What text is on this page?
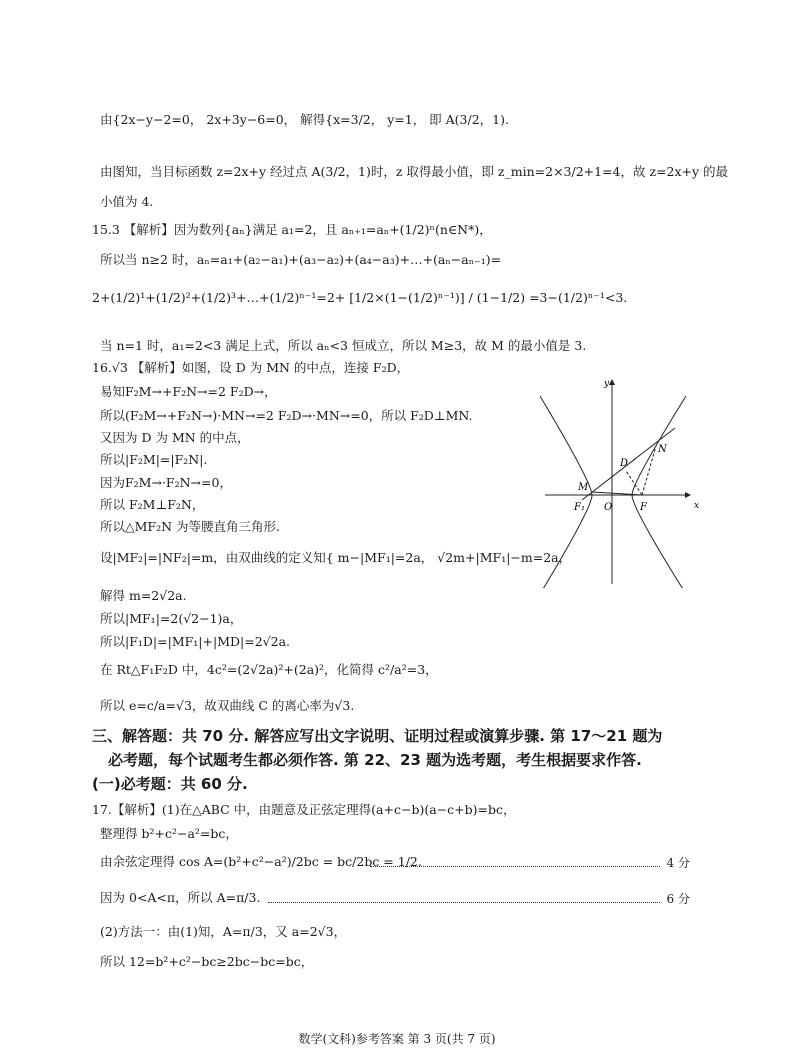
由{2x−y−2=0， 2x+3y−6=0， 解得{x=3/2， y=1， 即 A(3/2，1).
由图知，当目标函数 z=2x+y 经过点 A(3/2，1)时，z 取得最小值，即 z_min=2×3/2+1=4，故 z=2x+y 的最
小值为 4.
15.3 【解析】因为数列{aₙ}满足 a₁=2，且 aₙ₊₁=aₙ+(1/2)ⁿ(n∈N*)，
所以当 n≥2 时，aₙ=a₁+(a₂−a₁)+(a₃−a₂)+(a₄−a₃)+…+(aₙ−aₙ₋₁)=
2+(1/2)¹+(1/2)²+(1/2)³+…+(1/2)ⁿ⁻¹=2+ [1/2×(1−(1/2)ⁿ⁻¹)] / (1−1/2) =3−(1/2)ⁿ⁻¹<3.
当 n=1 时，a₁=2<3 满足上式，所以 aₙ<3 恒成立，所以 M≥3，故 M 的最小值是 3.
16.√3 【解析】如图，设 D 为 MN 的中点，连接 F₂D，
易知F₂M→+F₂N→=2 F₂D→，
所以(F₂M→+F₂N→)·MN→=2 F₂D→·MN→=0，所以 F₂D⊥MN.
又因为 D 为 MN 的中点，
所以|F₂M|=|F₂N|.
因为F₂M→·F₂N→=0，
所以 F₂M⊥F₂N，
所以△MF₂N 为等腰直角三角形.
设|MF₂|=|NF₂|=m，由双曲线的定义知{ m−|MF₁|=2a， √2m+|MF₁|−m=2a，
解得 m=2√2a.
所以|MF₁|=2(√2−1)a，
所以|F₁D|=|MF₁|+|MD|=2√2a.
在 Rt△F₁F₂D 中，4c²=(2√2a)²+(2a)²，化简得 c²/a²=3，
所以 e=c/a=√3，故双曲线 C 的离心率为√3.
y
x
M
N
D
F₁ O	F
三、解答题：共 70 分. 解答应写出文字说明、证明过程或演算步骤. 第 17～21 题为
必考题，每个试题考生都必须作答. 第 22、23 题为选考题，考生根据要求作答.
(一)必考题：共 60 分.
17.【解析】(1)在△ABC 中，由题意及正弦定理得(a+c−b)(a−c+b)=bc，
整理得 b²+c²−a²=bc，
由余弦定理得 cos A=(b²+c²−a²)/2bc = bc/2bc = 1/2.	4 分
因为 0<A<π，所以 A=π/3.	6 分
(2)方法一：由(1)知，A=π/3，又 a=2√3，
所以 12=b²+c²−bc≥2bc−bc=bc，
数学(文科)参考答案 第 3 页(共 7 页)
